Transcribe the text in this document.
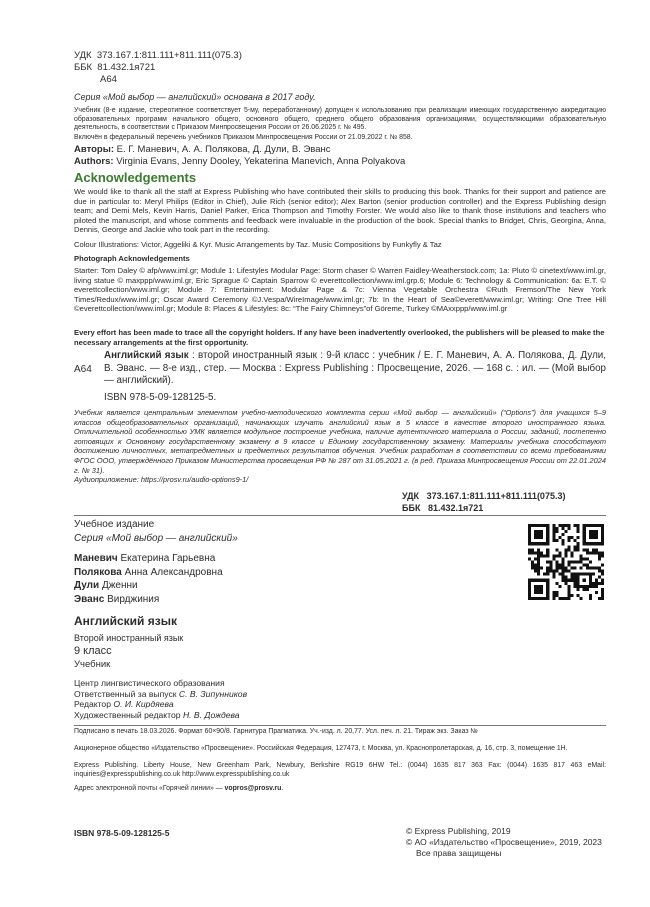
УДК 373.167.1:811.111+811.111(075.3)
ББК 81.432.1я721
А64

Серия «Мой выбор — английский» основана в 2017 году.

Учебник (8-е издание, стереотипное соответствует 5-му, переработанному) допущен к использованию при реализации имеющих государственную аккредитацию образовательных программ начального общего, основного общего, среднего общего образования организациями, осуществляющими образовательную деятельность, в соответствии с Приказом Минпросвещения России от 26.06.2025 г. № 495.

Включён в федеральный перечень учебников Приказом Минпросвещения России от 21.09.2022 г. № 858.

Авторы: Е. Г. Маневич, А. А. Полякова, Д. Дули, В. Эванс
Authors: Virginia Evans, Jenny Dooley, Yekaterina Manevich, Anna Polyakova
Acknowledgements

We would like to thank all the staff at Express Publishing who have contributed their skills to producing this book. Thanks for their support and patience are due in particular to: Meryl Philips (Editor in Chief), Julie Rich (senior editor); Alex Barton (senior production controller) and the Express Publishing design team; and Demi Mels, Kevin Harris, Daniel Parker, Erica Thompson and Timothy Forster. We would also like to thank those institutions and teachers who piloted the manuscript, and whose comments and feedback were invaluable in the production of the book. Special thanks to Bridget, Chris, Georgina, Anna, Dennis, George and Jackie who took part in the recording.

Colour Illustrations: Victor, Aggeliki & Kyr. Music Arrangements by Taz. Music Compositions by Funkyfly & Taz

Photograph Acknowledgements

Starter: Tom Daley © afp/www.iml.gr; Module 1: Lifestyles Modular Page: Storm chaser © Warren Faidley-Weatherstock.com; 1a: Pluto © cinetext/www.iml.gr, living statue © maxppp/www.iml.gr, Eric Sprague © Captain Sparrow © everettcollection/www.iml.grp.6; Module 6: Technology & Communication: 6a: E.T. © everettcollection/www.iml.gr; Module 7: Entertainment: Modular Page & 7c: Vienna Vegetable Orchestra ©Ruth Fremson/The New York Times/Redux/www.iml.gr; Oscar Award Ceremony ©J.Vespa/WireImage/www.iml.gr; 7b: In the Heart of Sea©everett/www.iml.gr; Writing: One Tree Hill ©everettcollection/www.iml.gr; Module 8: Places & Lifestyles: 8c: “The Fairy Chimneys”of Göreme, Turkey ©MAxxppp/www.iml.gr

Every effort has been made to trace all the copyright holders. If any have been inadvertently overlooked, the publishers will be pleased to make the necessary arrangements at the first opportunity.

А64

Английский язык : второй иностранный язык : 9-й класс : учебник / Е. Г. Маневич, А. А. Полякова, Д. Дули, В. Эванс. — 8-е изд., стер. — Москва : Express Publishing : Просвещение, 2026. — 168 с. : ил. — (Мой выбор — английский).

ISBN 978-5-09-128125-5.

Учебник является центральным элементом учебно-методического комплекта серии «Мой выбор — английский» (“Options”) для учащихся 5–9 классов общеобразовательных организаций, начинающих изучать английский язык в 5 классе в качестве второго иностранного языка. Отличительной особенностью УМК является модульное построение учебника, наличие аутентичного материала о России, заданий, постепенно готовящих к Основному государственному экзамену в 9 классе и Единому государственному экзамену. Материалы учебника способствуют достижению личностных, метапредметных и предметных результатов обучения. Учебник разработан в соответствии со всеми требованиями ФГОС ООО, утверждённого Приказом Министерства просвещения РФ № 287 от 31.05.2021 г. (в ред. Приказа Минпросвещения России от 22.01.2024 г. № 31).

Аудиоприложение: https://prosv.ru/audio-options9-1/

УДК 373.167.1:811.111+811.111(075.3)
ББК 81.432.1я721
Учебное издание
Серия «Мой выбор — английский»
Маневич Екатерина Гарьевна
Полякова Анна Александровна
Дули Дженни
Эванс Вирджиния
Английский язык
Второй иностранный язык
9 класс
Учебник
Центр лингвистического образования
Ответственный за выпуск С. В. Зипунников
Редактор О. И. Кирдяева
Художественный редактор Н. В. Дождева

Подписано в печать 18.03.2026. Формат 60×90/8. Гарнитура Прагматика. Уч.-изд. л. 20,77. Усл. печ. л. 21. Тираж экз. Заказ №

Акционерное общество «Издательство «Просвещение». Российская Федерация, 127473, г. Москва, ул. Краснопролетарская, д. 16, стр. 3, помещение 1Н.

Express Publishing. Liberty House, New Greenham Park, Newbury, Berkshire RG19 6HW Tel.: (0044) 1635 817 363 Fax: (0044) 1635 817 463 eMail: inquiries@expresspublishing.co.uk http://www.expresspublishing.co.uk

Адрес электронной почты «Горячей линии» — vopros@prosv.ru.
ISBN 978-5-09-128125-5	© Express Publishing, 2019
© АО «Издательство «Просвещение», 2019, 2023
Все права защищены
